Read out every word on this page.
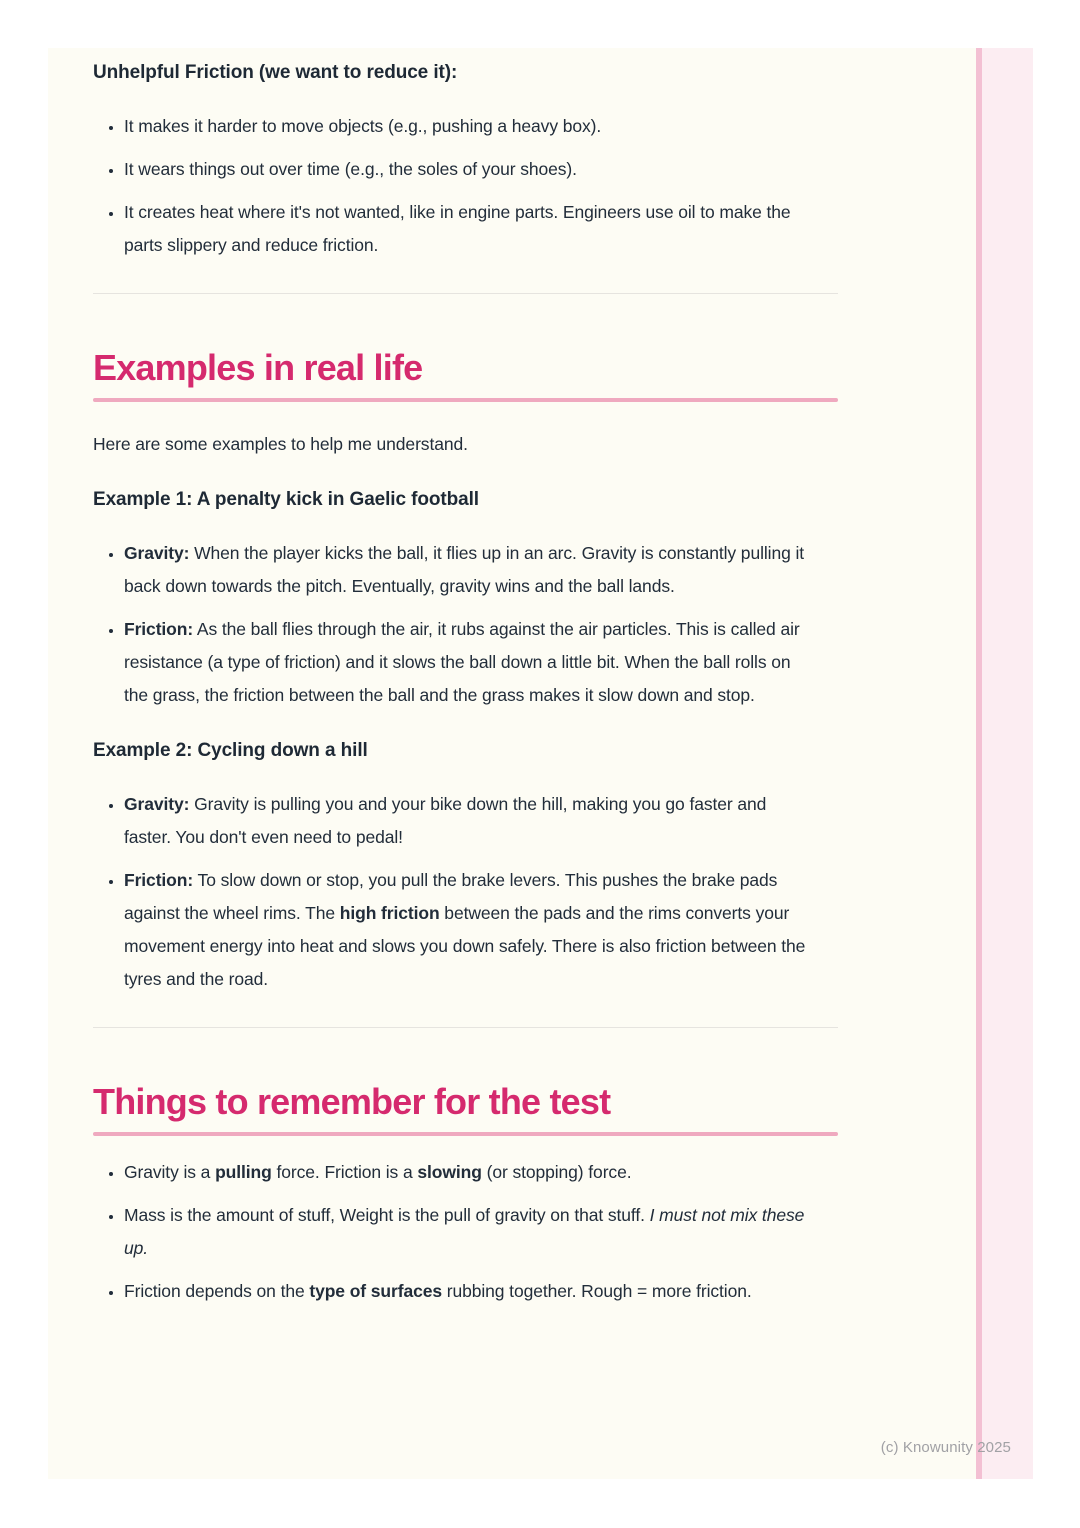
Unhelpful Friction (we want to reduce it):
• It makes it harder to move objects (e.g., pushing a heavy box).
• It wears things out over time (e.g., the soles of your shoes).
• It creates heat where it's not wanted, like in engine parts. Engineers use oil to make the parts slippery and reduce friction.
Examples in real life

Here are some examples to help me understand.

Example 1: A penalty kick in Gaelic football
• Gravity: When the player kicks the ball, it flies up in an arc. Gravity is constantly pulling it back down towards the pitch. Eventually, gravity wins and the ball lands.
• Friction: As the ball flies through the air, it rubs against the air particles. This is called air resistance (a type of friction) and it slows the ball down a little bit. When the ball rolls on the grass, the friction between the ball and the grass makes it slow down and stop.
Example 2: Cycling down a hill
• Gravity: Gravity is pulling you and your bike down the hill, making you go faster and faster. You don't even need to pedal!
• Friction: To slow down or stop, you pull the brake levers. This pushes the brake pads against the wheel rims. The high friction between the pads and the rims converts your movement energy into heat and slows you down safely. There is also friction between the tyres and the road.
Things to remember for the test
• Gravity is a pulling force. Friction is a slowing (or stopping) force.
• Mass is the amount of stuff, Weight is the pull of gravity on that stuff. I must not mix these up.
• Friction depends on the type of surfaces rubbing together. Rough = more friction.
(c) Knowunity 2025
